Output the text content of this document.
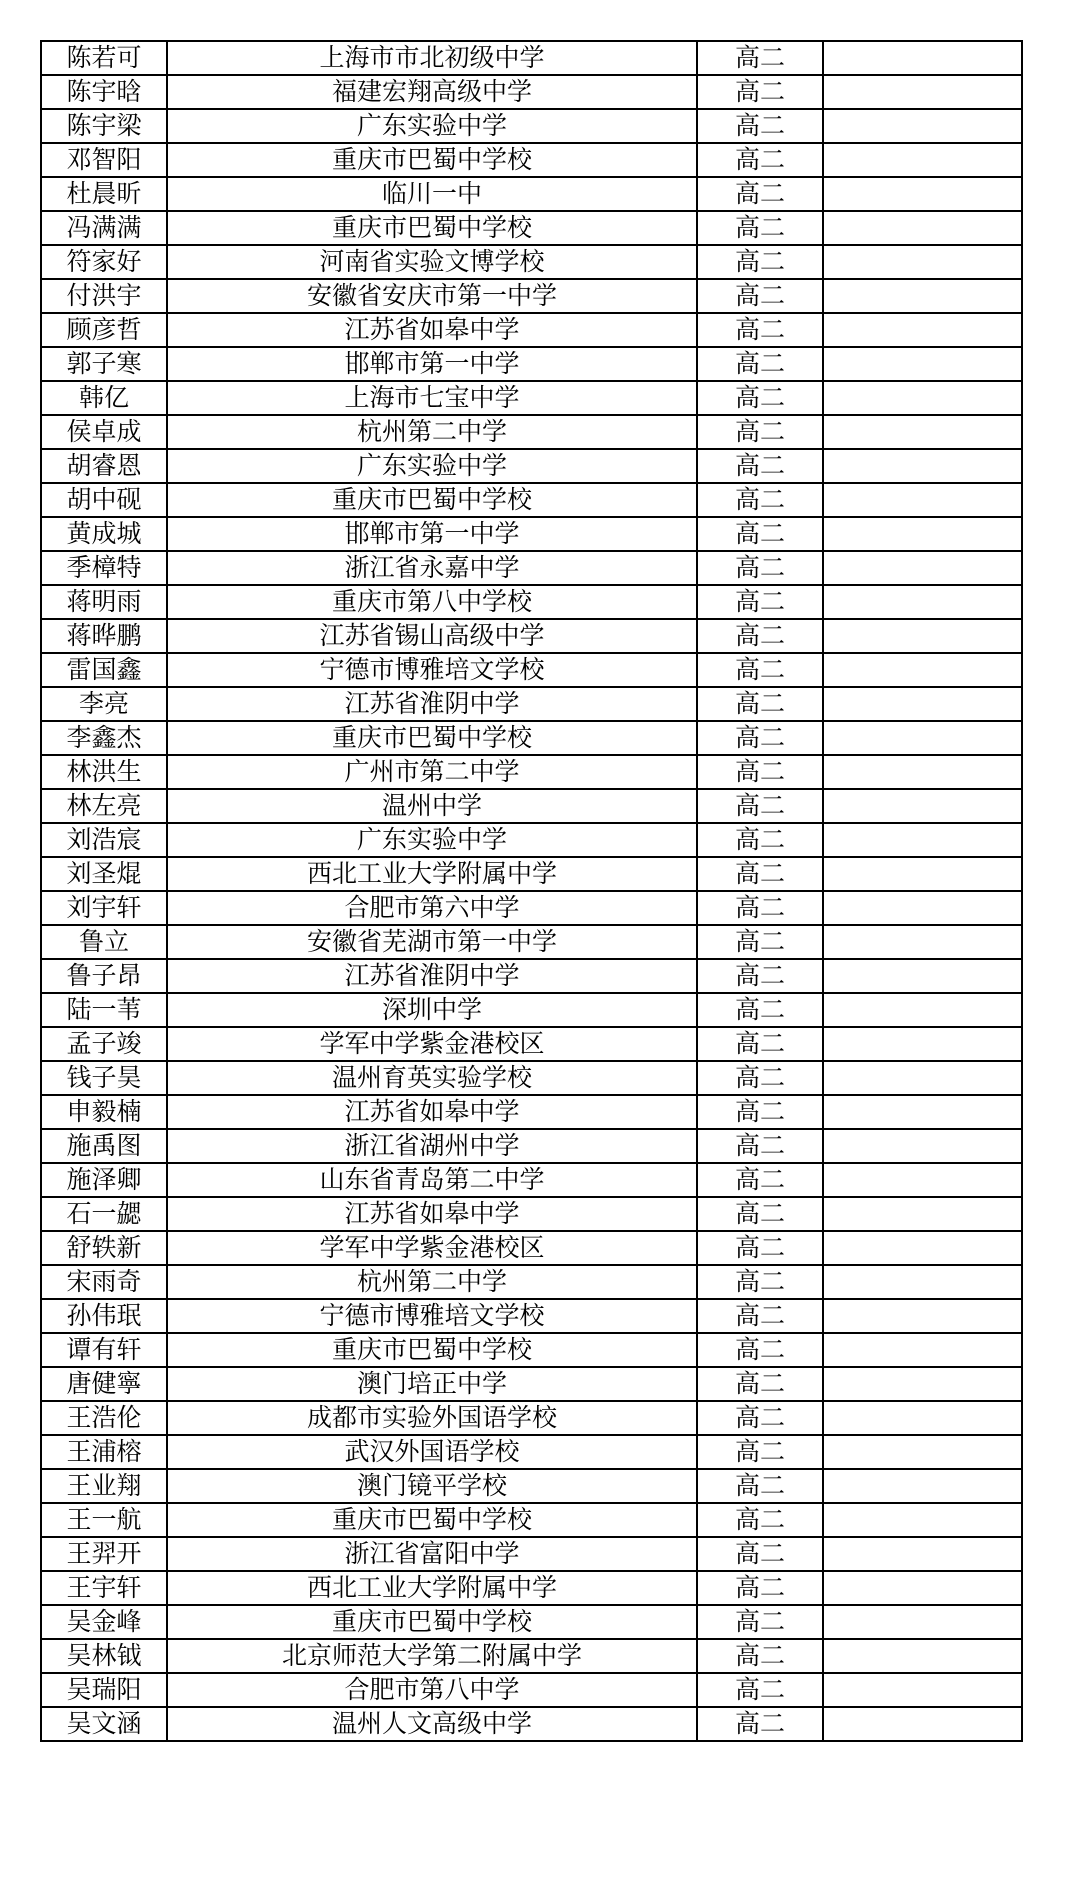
陈若可	上海市市北初级中学	高二	
陈宇晗	福建宏翔高级中学	高二	
陈宇梁	广东实验中学	高二	
邓智阳	重庆市巴蜀中学校	高二	
杜晨昕	临川一中	高二	
冯满满	重庆市巴蜀中学校	高二	
符家好	河南省实验文博学校	高二	
付洪宇	安徽省安庆市第一中学	高二	
顾彦哲	江苏省如皋中学	高二	
郭子寒	邯郸市第一中学	高二	
韩亿	上海市七宝中学	高二	
侯卓成	杭州第二中学	高二	
胡睿恩	广东实验中学	高二	
胡中砚	重庆市巴蜀中学校	高二	
黄成城	邯郸市第一中学	高二	
季樟特	浙江省永嘉中学	高二	
蒋明雨	重庆市第八中学校	高二	
蒋晔鹏	江苏省锡山高级中学	高二	
雷国鑫	宁德市博雅培文学校	高二	
李亮	江苏省淮阴中学	高二	
李鑫杰	重庆市巴蜀中学校	高二	
林洪生	广州市第二中学	高二	
林左亮	温州中学	高二	
刘浩宸	广东实验中学	高二	
刘圣焜	西北工业大学附属中学	高二	
刘宇轩	合肥市第六中学	高二	
鲁立	安徽省芜湖市第一中学	高二	
鲁子昂	江苏省淮阴中学	高二	
陆一苇	深圳中学	高二	
孟子竣	学军中学紫金港校区	高二	
钱子昊	温州育英实验学校	高二	
申毅楠	江苏省如皋中学	高二	
施禹图	浙江省湖州中学	高二	
施泽卿	山东省青岛第二中学	高二	
石一勰	江苏省如皋中学	高二	
舒轶新	学军中学紫金港校区	高二	
宋雨奇	杭州第二中学	高二	
孙伟珉	宁德市博雅培文学校	高二	
谭有轩	重庆市巴蜀中学校	高二	
唐健寧	澳门培正中学	高二	
王浩伦	成都市实验外国语学校	高二	
王浦榕	武汉外国语学校	高二	
王业翔	澳门镜平学校	高二	
王一航	重庆市巴蜀中学校	高二	
王羿开	浙江省富阳中学	高二	
王宇轩	西北工业大学附属中学	高二	
吴金峰	重庆市巴蜀中学校	高二	
吴林钺	北京师范大学第二附属中学	高二	
吴瑞阳	合肥市第八中学	高二	
吴文涵	温州人文高级中学	高二	
